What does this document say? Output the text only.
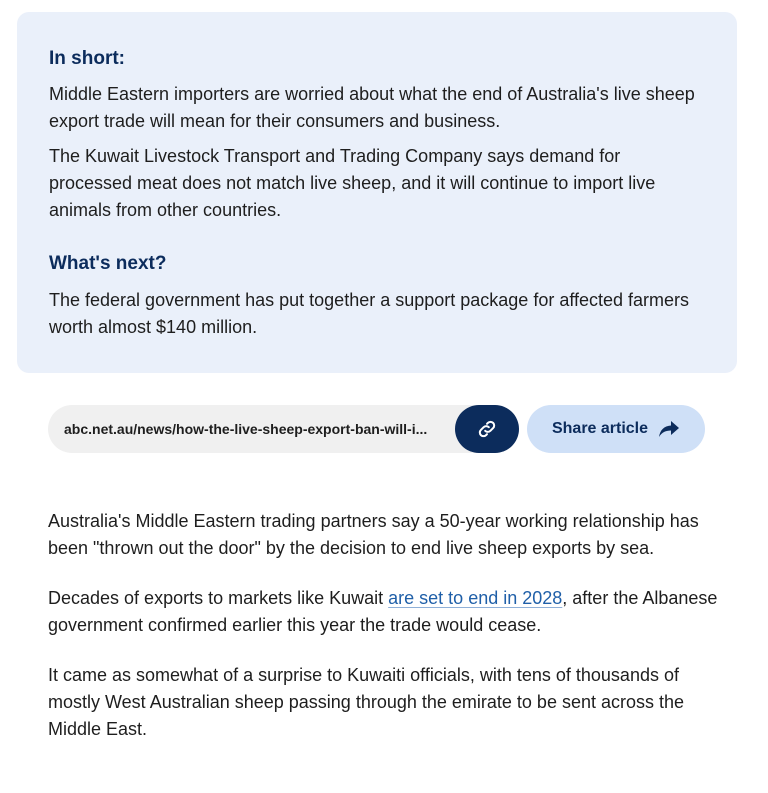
In short:

Middle Eastern importers are worried about what the end of Australia's live sheep export trade will mean for their consumers and business.

The Kuwait Livestock Transport and Trading Company says demand for processed meat does not match live sheep, and it will continue to import live animals from other countries.

What's next?

The federal government has put together a support package for affected farmers worth almost $140 million.

abc.net.au/news/how-the-live-sheep-export-ban-will-i...	Share article

Australia's Middle Eastern trading partners say a 50-year working relationship has been "thrown out the door" by the decision to end live sheep exports by sea.

Decades of exports to markets like Kuwait are set to end in 2028, after the Albanese government confirmed earlier this year the trade would cease.

It came as somewhat of a surprise to Kuwaiti officials, with tens of thousands of mostly West Australian sheep passing through the emirate to be sent across the Middle East.
